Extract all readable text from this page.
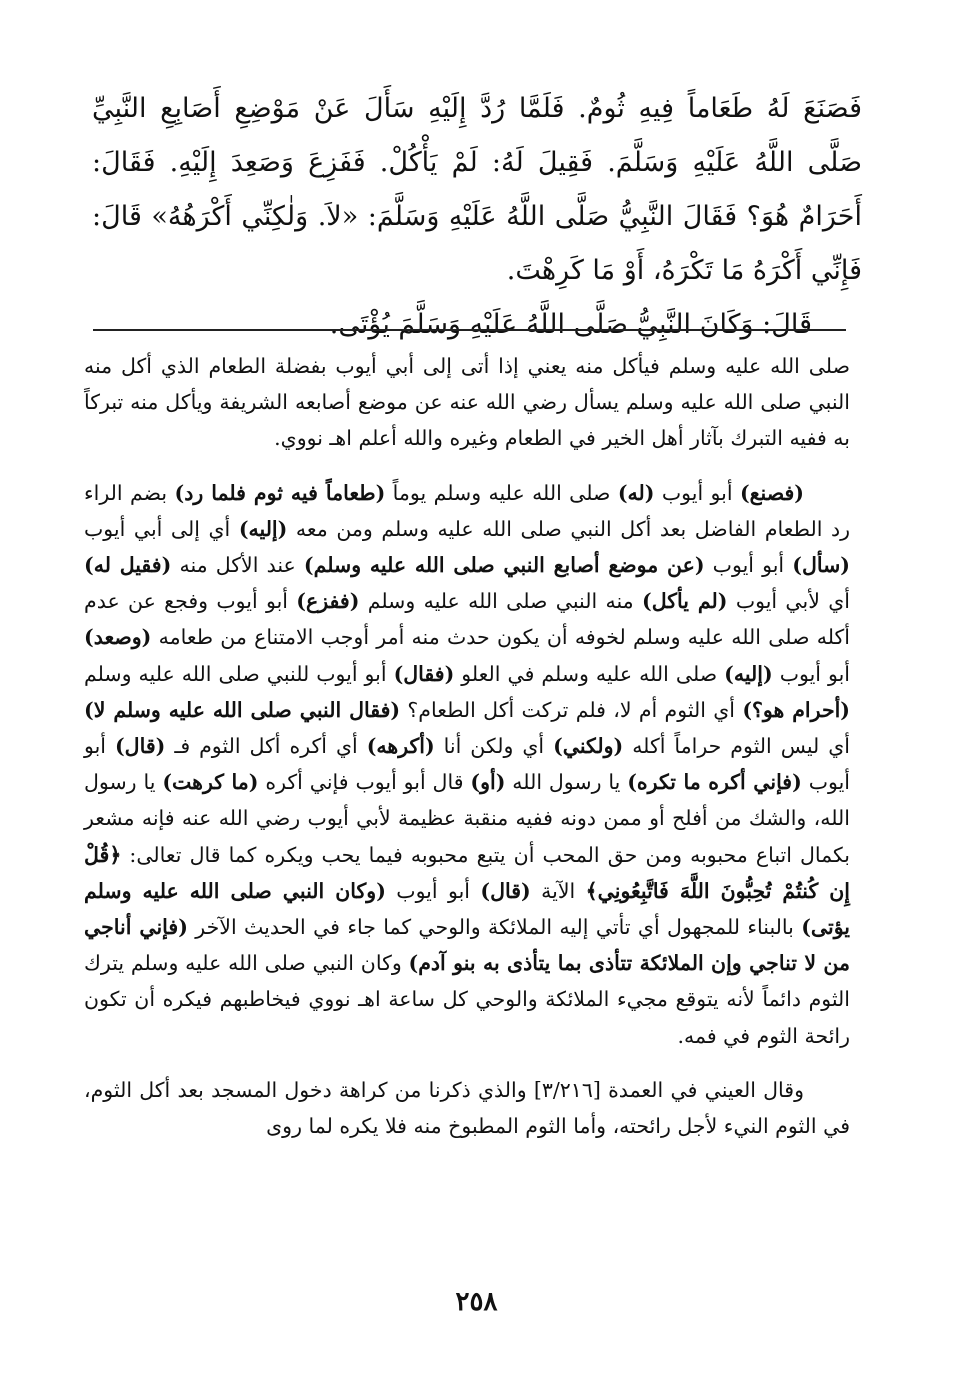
فَصَنَعَ لَهُ طَعَاماً فِيهِ ثُومٌ. فَلَمَّا رُدَّ إِلَيْهِ سَأَلَ عَنْ مَوْضِعِ أَصَابِعِ النَّبِيِّ صَلَّى اللَّهُ عَلَيْهِ وَسَلَّمَ. فَقِيلَ لَهُ: لَمْ يَأْكُلْ. فَفَزِعَ وَصَعِدَ إِلَيْهِ. فَقَالَ: أَحَرَامٌ هُوَ؟ فَقَالَ النَّبِيُّ صَلَّى اللَّهُ عَلَيْهِ وَسَلَّمَ: «لاَ. وَلٰكِنِّي أَكْرَهُهُ» قَالَ: فَإِنِّي أَكْرَهُ مَا تَكْرَهُ، أَوْ مَا كَرِهْتَ.

قَالَ: وَكَانَ النَّبِيُّ صَلَّى اللَّهُ عَلَيْهِ وَسَلَّمَ يُؤْتَى.

صلى الله عليه وسلم فيأكل منه يعني إذا أتى إلى أبي أيوب بفضلة الطعام الذي أكل منه النبي صلى الله عليه وسلم يسأل رضي الله عنه عن موضع أصابعه الشريفة ويأكل منه تبركاً به ففيه التبرك بآثار أهل الخير في الطعام وغيره والله أعلم اهـ نووي.

(فصنع) أبو أيوب (له) صلى الله عليه وسلم يوماً (طعاماً فيه ثوم فلما رد) بضم الراء رد الطعام الفاضل بعد أكل النبي صلى الله عليه وسلم ومن معه (إليه) أي إلى أبي أيوب (سأل) أبو أيوب (عن موضع أصابع النبي صلى الله عليه وسلم) عند الأكل منه (فقيل له) أي لأبي أيوب (لم يأكل) منه النبي صلى الله عليه وسلم (ففزع) أبو أيوب وفجع عن عدم أكله صلى الله عليه وسلم لخوفه أن يكون حدث منه أمر أوجب الامتناع من طعامه (وصعد) أبو أيوب (إليه) صلى الله عليه وسلم في العلو (فقال) أبو أيوب للنبي صلى الله عليه وسلم (أحرام هو؟) أي الثوم أم لا، فلم تركت أكل الطعام؟ (فقال النبي صلى الله عليه وسلم لا) أي ليس الثوم حراماً أكله (ولكني) أي ولكن أنا (أكرهه) أي أكره أكل الثوم فـ (قال) أبو أيوب (فإني أكره ما تكره) يا رسول الله (أو) قال أبو أيوب فإني أكره (ما كرهت) يا رسول الله، والشك من أفلح أو ممن دونه ففيه منقبة عظيمة لأبي أيوب رضي الله عنه فإنه مشعر بكمال اتباع محبوبه ومن حق المحب أن يتبع محبوبه فيما يحب ويكره كما قال تعالى: ﴿قُلْ إِن كُنتُمْ تُحِبُّونَ اللَّهَ فَاتَّبِعُونِي﴾ الآية (قال) أبو أيوب (وكان النبي صلى الله عليه وسلم يؤتى) بالبناء للمجهول أي تأتي إليه الملائكة والوحي كما جاء في الحديث الآخر (فإني أناجي من لا تناجي وإن الملائكة تتأذى بما يتأذى به بنو آدم) وكان النبي صلى الله عليه وسلم يترك الثوم دائماً لأنه يتوقع مجيء الملائكة والوحي كل ساعة اهـ نووي فيخاطبهم فيكره أن تكون رائحة الثوم في فمه.

وقال العيني في العمدة [٣/٢١٦] والذي ذكرنا من كراهة دخول المسجد بعد أكل الثوم، في الثوم النيء لأجل رائحته، وأما الثوم المطبوخ منه فلا يكره لما روى

٢٥٨
